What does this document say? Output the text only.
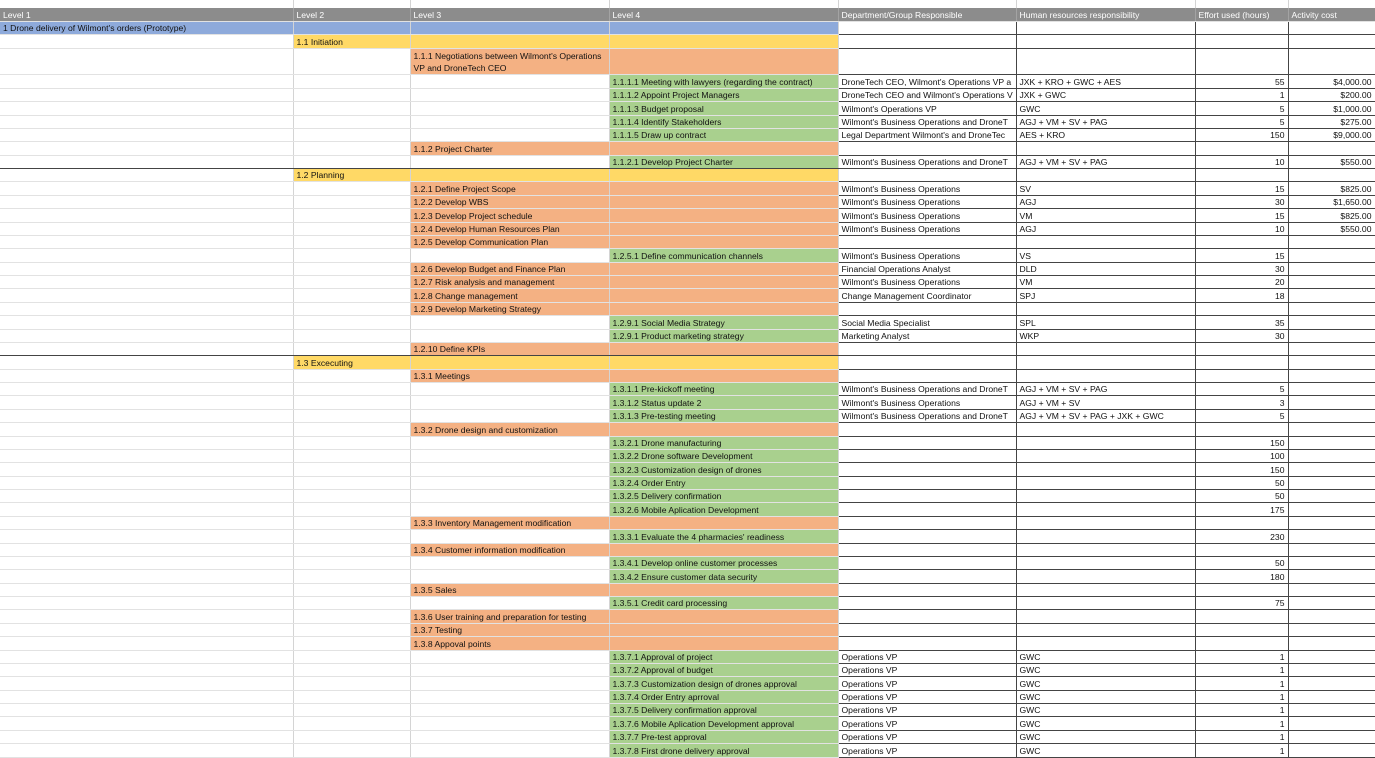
Level 1	Level 2	Level 3	Level 4	Department/Group Responsible	Human resources responsibility	Effort used (hours)	Activity cost
1 Drone delivery of Wilmont's orders (Prototype)							
	1.1 Initiation						
		1.1.1 Negotiations between Wilmont's Operations VP and DroneTech CEO					
			1.1.1.1 Meeting with lawyers (regarding the contract)	DroneTech CEO, Wilmont's Operations VP a	JXK + KRO + GWC + AES	55	$4,000.00
			1.1.1.2 Appoint Project Managers	DroneTech CEO and Wilmont's Operations V	JXK + GWC	1	$200.00
			1.1.1.3 Budget proposal	Wilmont's Operations VP	GWC	5	$1,000.00
			1.1.1.4 Identify Stakeholders	Wilmont's Business Operations and DroneT	AGJ + VM + SV + PAG	5	$275.00
			1.1.1.5 Draw up contract	Legal Department Wilmont's and DroneTec	AES + KRO	150	$9,000.00
		1.1.2 Project Charter					
			1.1.2.1 Develop Project Charter	Wilmont's Business Operations and DroneT	AGJ + VM + SV + PAG	10	$550.00
	1.2 Planning						
		1.2.1 Define Project Scope		Wilmont's Business Operations	SV	15	$825.00
		1.2.2 Develop WBS		Wilmont's Business Operations	AGJ	30	$1,650.00
		1.2.3 Develop Project schedule		Wilmont's Business Operations	VM	15	$825.00
		1.2.4 Develop Human Resources Plan		Wilmont's Business Operations	AGJ	10	$550.00
		1.2.5 Develop Communication Plan					
			1.2.5.1 Define communication channels	Wilmont's Business Operations	VS	15	
		1.2.6 Develop Budget and Finance Plan		Financial Operations Analyst	DLD	30	
		1.2.7 Risk analysis and management		Wilmont's Business Operations	VM	20	
		1.2.8 Change management		Change Management Coordinator	SPJ	18	
		1.2.9 Develop Marketing Strategy					
			1.2.9.1 Social Media Strategy	Social Media Specialist	SPL	35	
			1.2.9.1 Product marketing strategy	Marketing Analyst	WKP	30	
		1.2.10 Define KPIs					
	1.3 Excecuting						
		1.3.1 Meetings					
			1.3.1.1 Pre-kickoff meeting	Wilmont's Business Operations and DroneT	AGJ + VM + SV + PAG	5	
			1.3.1.2 Status update 2	Wilmont's Business Operations	AGJ + VM + SV	3	
			1.3.1.3 Pre-testing meeting	Wilmont's Business Operations and DroneT	AGJ + VM + SV + PAG + JXK + GWC	5	
		1.3.2 Drone design and customization					
			1.3.2.1 Drone manufacturing			150	
			1.3.2.2 Drone software Development			100	
			1.3.2.3 Customization design of drones			150	
			1.3.2.4 Order Entry			50	
			1.3.2.5 Delivery confirmation			50	
			1.3.2.6 Mobile Aplication Development			175	
		1.3.3 Inventory Management modification					
			1.3.3.1 Evaluate the 4 pharmacies' readiness			230	
		1.3.4 Customer information modification					
			1.3.4.1 Develop online customer processes			50	
			1.3.4.2 Ensure customer data security			180	
		1.3.5 Sales					
			1.3.5.1 Credit card processing			75	
		1.3.6 User training and preparation for testing					
		1.3.7 Testing					
		1.3.8 Appoval points					
			1.3.7.1 Approval of project	Operations VP	GWC	1	
			1.3.7.2 Approval of budget	Operations VP	GWC	1	
			1.3.7.3 Customization design of drones approval	Operations VP	GWC	1	
			1.3.7.4 Order Entry aprroval	Operations VP	GWC	1	
			1.3.7.5 Delivery confirmation approval	Operations VP	GWC	1	
			1.3.7.6 Mobile Aplication Development approval	Operations VP	GWC	1	
			1.3.7.7 Pre-test approval	Operations VP	GWC	1	
			1.3.7.8 First drone delivery approval	Operations VP	GWC	1	
